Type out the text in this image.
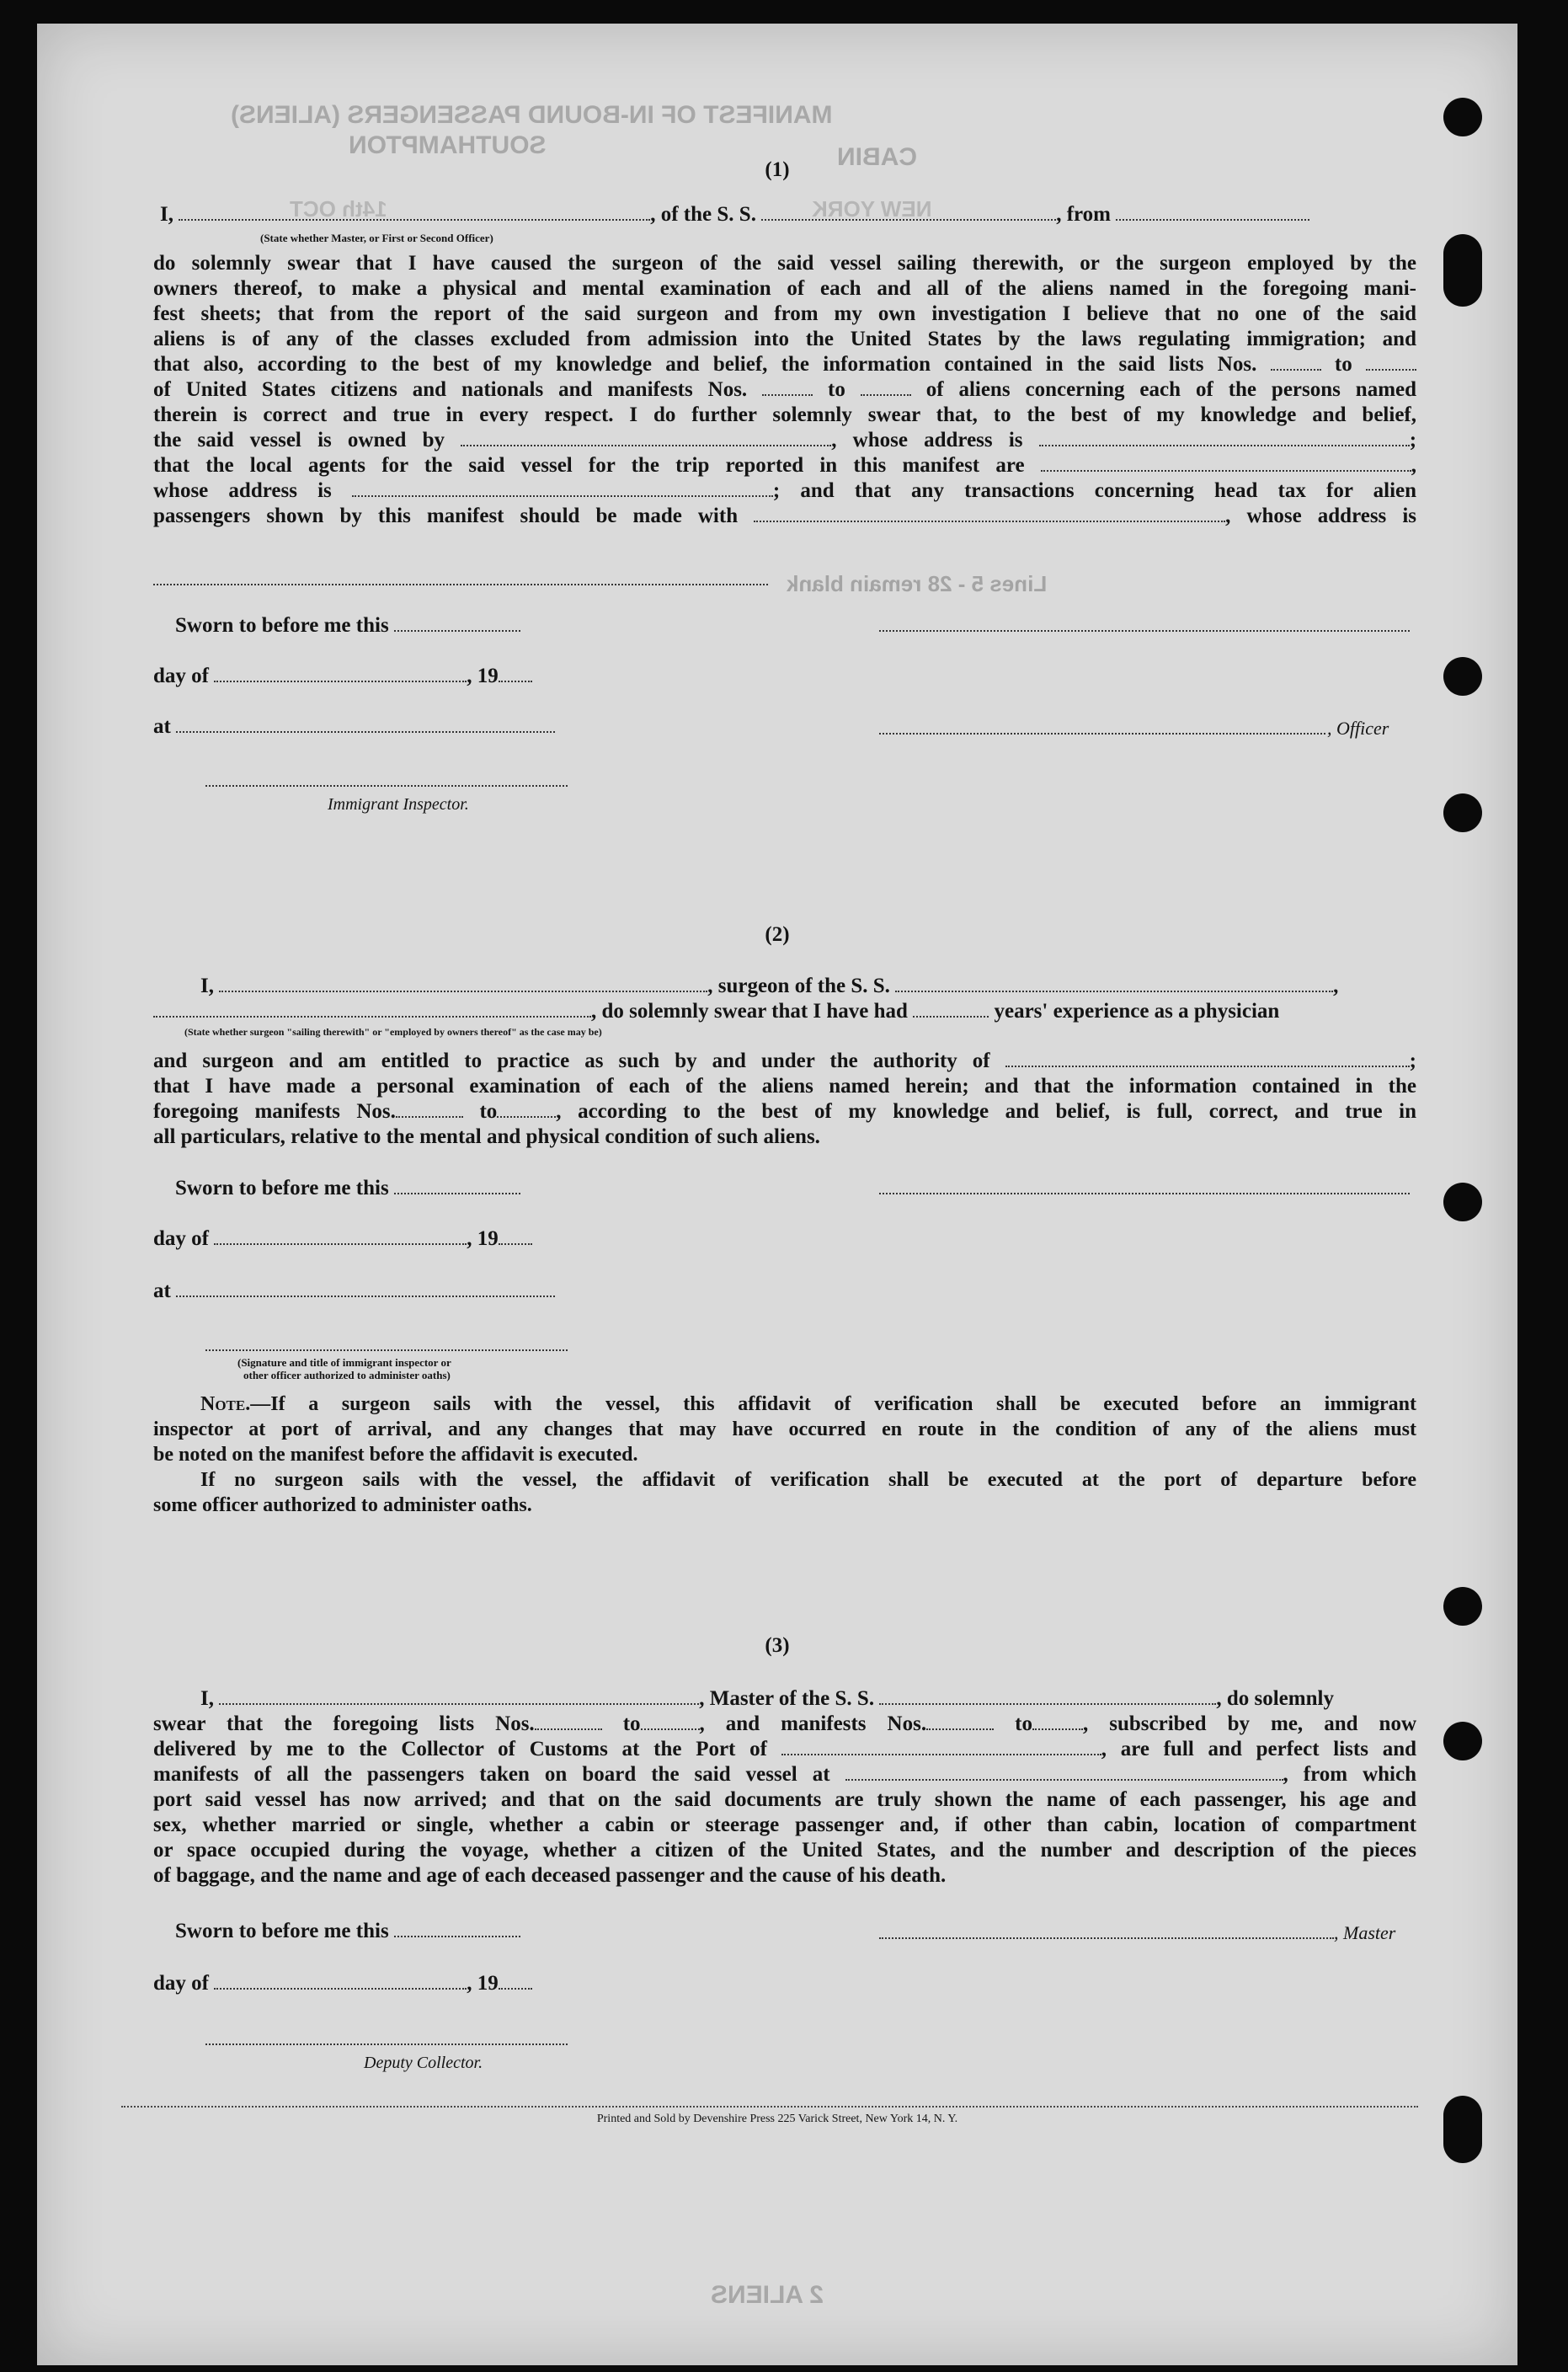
MANIFEST OF IN-BOUND PASSENGERS (ALIENS)
SOUTHAMPTON	CABIN
NEW YORK
14th OCT
2 ALIENS
(1)
I,	, of the S. S.	, from
(State whether Master, or First or Second Officer)
do solemnly swear that I have caused the surgeon of the said vessel sailing therewith, or the surgeon employed by the
owners thereof, to make a physical and mental examination of each and all of the aliens named in the foregoing mani-
fest sheets; that from the report of the said surgeon and from my own investigation I believe that no one of the said
aliens is of any of the classes excluded from admission into the United States by the laws regulating immigration; and
that also, according to the best of my knowledge and belief, the information contained in the said lists Nos.	to
of United States citizens and nationals and manifests Nos.	to	of aliens concerning each of the persons named
therein is correct and true in every respect. I do further solemnly swear that, to the best of my knowledge and belief,
the said vessel is owned by	, whose address is	;
that the local agents for the said vessel for the trip reported in this manifest are	,
whose address is	; and that any transactions concerning head tax for alien
passengers shown by this manifest should be made with	, whose address is
Lines 5 - 28 remain blank
Sworn to before me this
day of	, 19
at	, Officer
Immigrant Inspector.
(2)
I,	, surgeon of the S. S.	,
, do solemnly swear that I have had	years' experience as a physician
(State whether surgeon "sailing therewith" or "employed by owners thereof" as the case may be)
and surgeon and am entitled to practice as such by and under the authority of	;
that I have made a personal examination of each of the aliens named herein; and that the information contained in the
foregoing manifests Nos.	to	, according to the best of my knowledge and belief, is full, correct, and true in
all particulars, relative to the mental and physical condition of such aliens.
Sworn to before me this
day of	, 19
at
(Signature and title of immigrant inspector or
other officer authorized to administer oaths)
Note.—If a surgeon sails with the vessel, this affidavit of verification shall be executed before an immigrant
inspector at port of arrival, and any changes that may have occurred en route in the condition of any of the aliens must
be noted on the manifest before the affidavit is executed.
If no surgeon sails with the vessel, the affidavit of verification shall be executed at the port of departure before
some officer authorized to administer oaths.
(3)
I,	, Master of the S. S.	, do solemnly
swear that the foregoing lists Nos.	to	, and manifests Nos.	to , subscribed by me, and now
delivered by me to the Collector of Customs at the Port of	, are full and perfect lists and
manifests of all the passengers taken on board the said vessel at	, from which
port said vessel has now arrived; and that on the said documents are truly shown the name of each passenger, his age and
sex, whether married or single, whether a cabin or steerage passenger and, if other than cabin, location of compartment
or space occupied during the voyage, whether a citizen of the United States, and the number and description of the pieces
of baggage, and the name and age of each deceased passenger and the cause of his death.
Sworn to before me this	, Master
day of	, 19
Deputy Collector.
Printed and Sold by Devenshire Press 225 Varick Street, New York 14, N. Y.
